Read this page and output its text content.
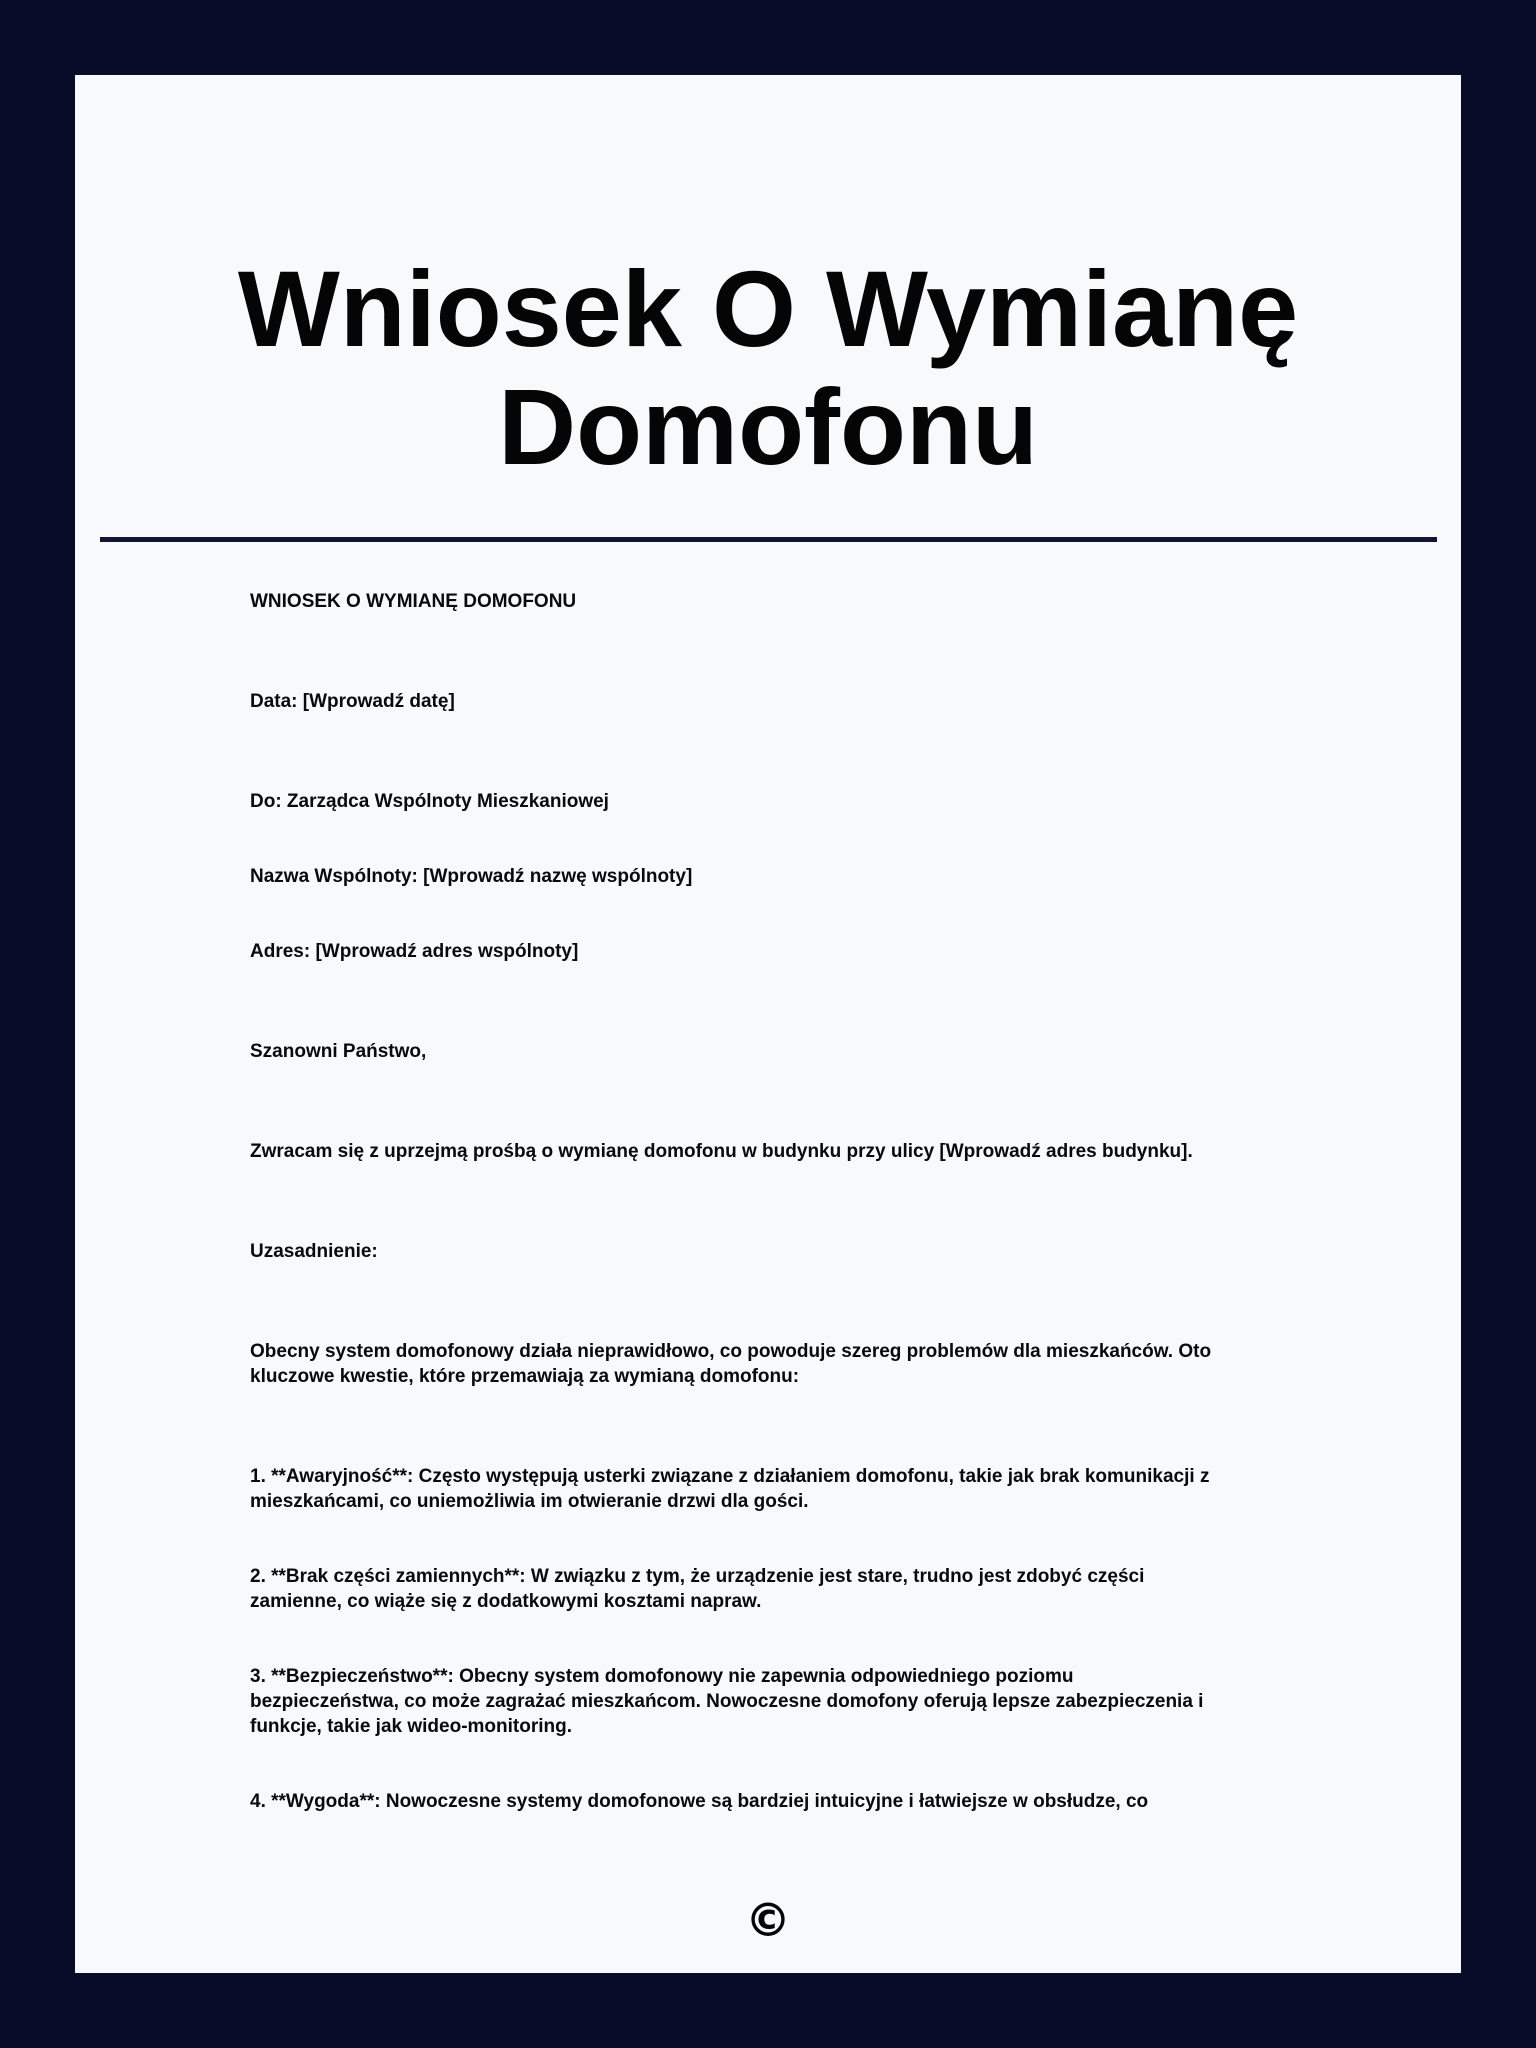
Wniosek O Wymianę
Domofonu

WNIOSEK O WYMIANĘ DOMOFONU

Data: [Wprowadź datę]

Do: Zarządca Wspólnoty Mieszkaniowej

Nazwa Wspólnoty: [Wprowadź nazwę wspólnoty]

Adres: [Wprowadź adres wspólnoty]

Szanowni Państwo,

Zwracam się z uprzejmą prośbą o wymianę domofonu w budynku przy ulicy [Wprowadź adres budynku].

Uzasadnienie:

Obecny system domofonowy działa nieprawidłowo, co powoduje szereg problemów dla mieszkańców. Oto

kluczowe kwestie, które przemawiają za wymianą domofonu:

1. **Awaryjność**: Często występują usterki związane z działaniem domofonu, takie jak brak komunikacji z

mieszkańcami, co uniemożliwia im otwieranie drzwi dla gości.

2. **Brak części zamiennych**: W związku z tym, że urządzenie jest stare, trudno jest zdobyć części

zamienne, co wiąże się z dodatkowymi kosztami napraw.

3. **Bezpieczeństwo**: Obecny system domofonowy nie zapewnia odpowiedniego poziomu

bezpieczeństwa, co może zagrażać mieszkańcom. Nowoczesne domofony oferują lepsze zabezpieczenia i

funkcje, takie jak wideo-monitoring.

4. **Wygoda**: Nowoczesne systemy domofonowe są bardziej intuicyjne i łatwiejsze w obsłudze, co

©
